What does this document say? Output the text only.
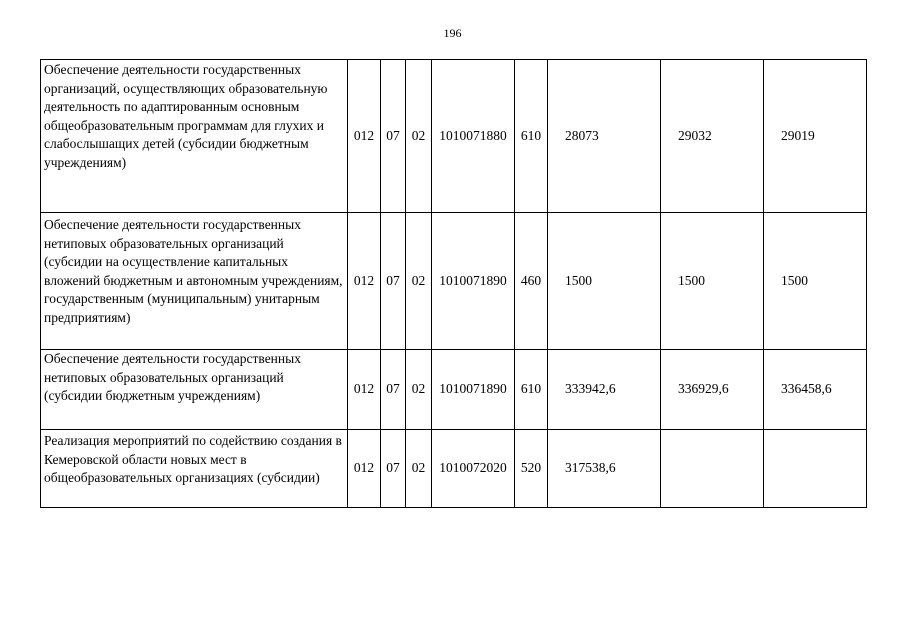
196
Обеспечение деятельности государственных организаций, осуществляющих образовательную деятельность по адаптированным основным общеобразовательным программам для глухих и слабослышащих детей (субсидии бюджетным учреждениям)	012	07	02	1010071880	610	28073	29032	29019
Обеспечение деятельности государственных нетиповых образовательных организаций (субсидии на осуществление капитальных вложений бюджетным и автономным учреждениям, государственным (муниципальным) унитарным предприятиям)	012	07	02	1010071890	460	1500	1500	1500
Обеспечение деятельности государственных нетиповых образовательных организаций (субсидии бюджетным учреждениям)	012	07	02	1010071890	610	333942,6	336929,6	336458,6
Реализация мероприятий по содействию создания в Кемеровской области новых мест в общеобразовательных организациях (субсидии)	012	07	02	1010072020	520	317538,6		
